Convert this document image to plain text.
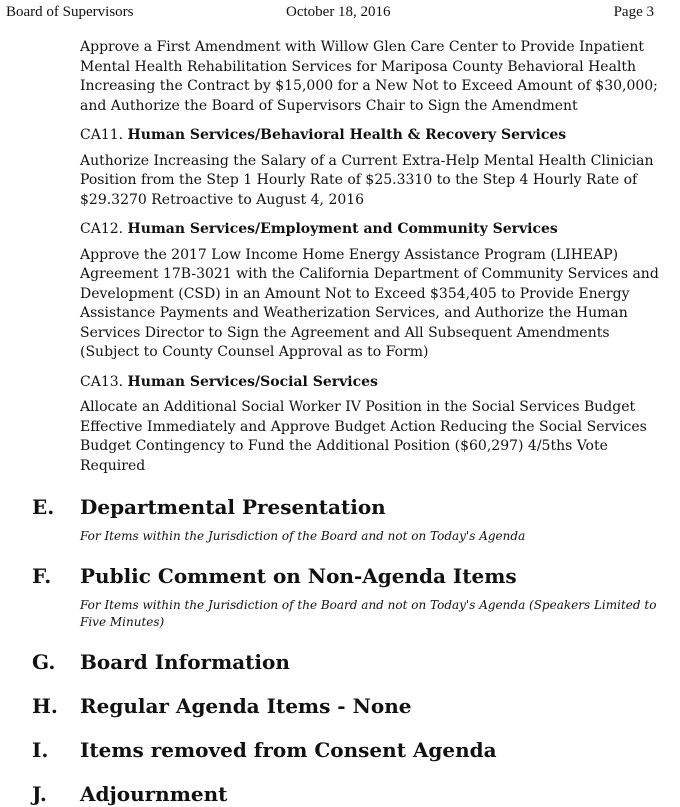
Board of Supervisors	October 18, 2016	Page 3

Approve a First Amendment with Willow Glen Care Center to Provide Inpatient Mental Health Rehabilitation Services for Mariposa County Behavioral Health Increasing the Contract by $15,000 for a New Not to Exceed Amount of $30,000; and Authorize the Board of Supervisors Chair to Sign the Amendment

CA11. Human Services/Behavioral Health & Recovery Services

Authorize Increasing the Salary of a Current Extra-Help Mental Health Clinician Position from the Step 1 Hourly Rate of $25.3310 to the Step 4 Hourly Rate of $29.3270 Retroactive to August 4, 2016

CA12. Human Services/Employment and Community Services

Approve the 2017 Low Income Home Energy Assistance Program (LIHEAP) Agreement 17B-3021 with the California Department of Community Services and Development (CSD) in an Amount Not to Exceed $354,405 to Provide Energy Assistance Payments and Weatherization Services, and Authorize the Human Services Director to Sign the Agreement and All Subsequent Amendments (Subject to County Counsel Approval as to Form)

CA13. Human Services/Social Services

Allocate an Additional Social Worker IV Position in the Social Services Budget Effective Immediately and Approve Budget Action Reducing the Social Services Budget Contingency to Fund the Additional Position ($60,297) 4/5ths Vote Required

E. Departmental Presentation
For Items within the Jurisdiction of the Board and not on Today's Agenda
F. Public Comment on Non-Agenda Items
For Items within the Jurisdiction of the Board and not on Today's Agenda (Speakers Limited to Five Minutes)
G. Board Information
H. Regular Agenda Items - None
I. Items removed from Consent Agenda
J. Adjournment
